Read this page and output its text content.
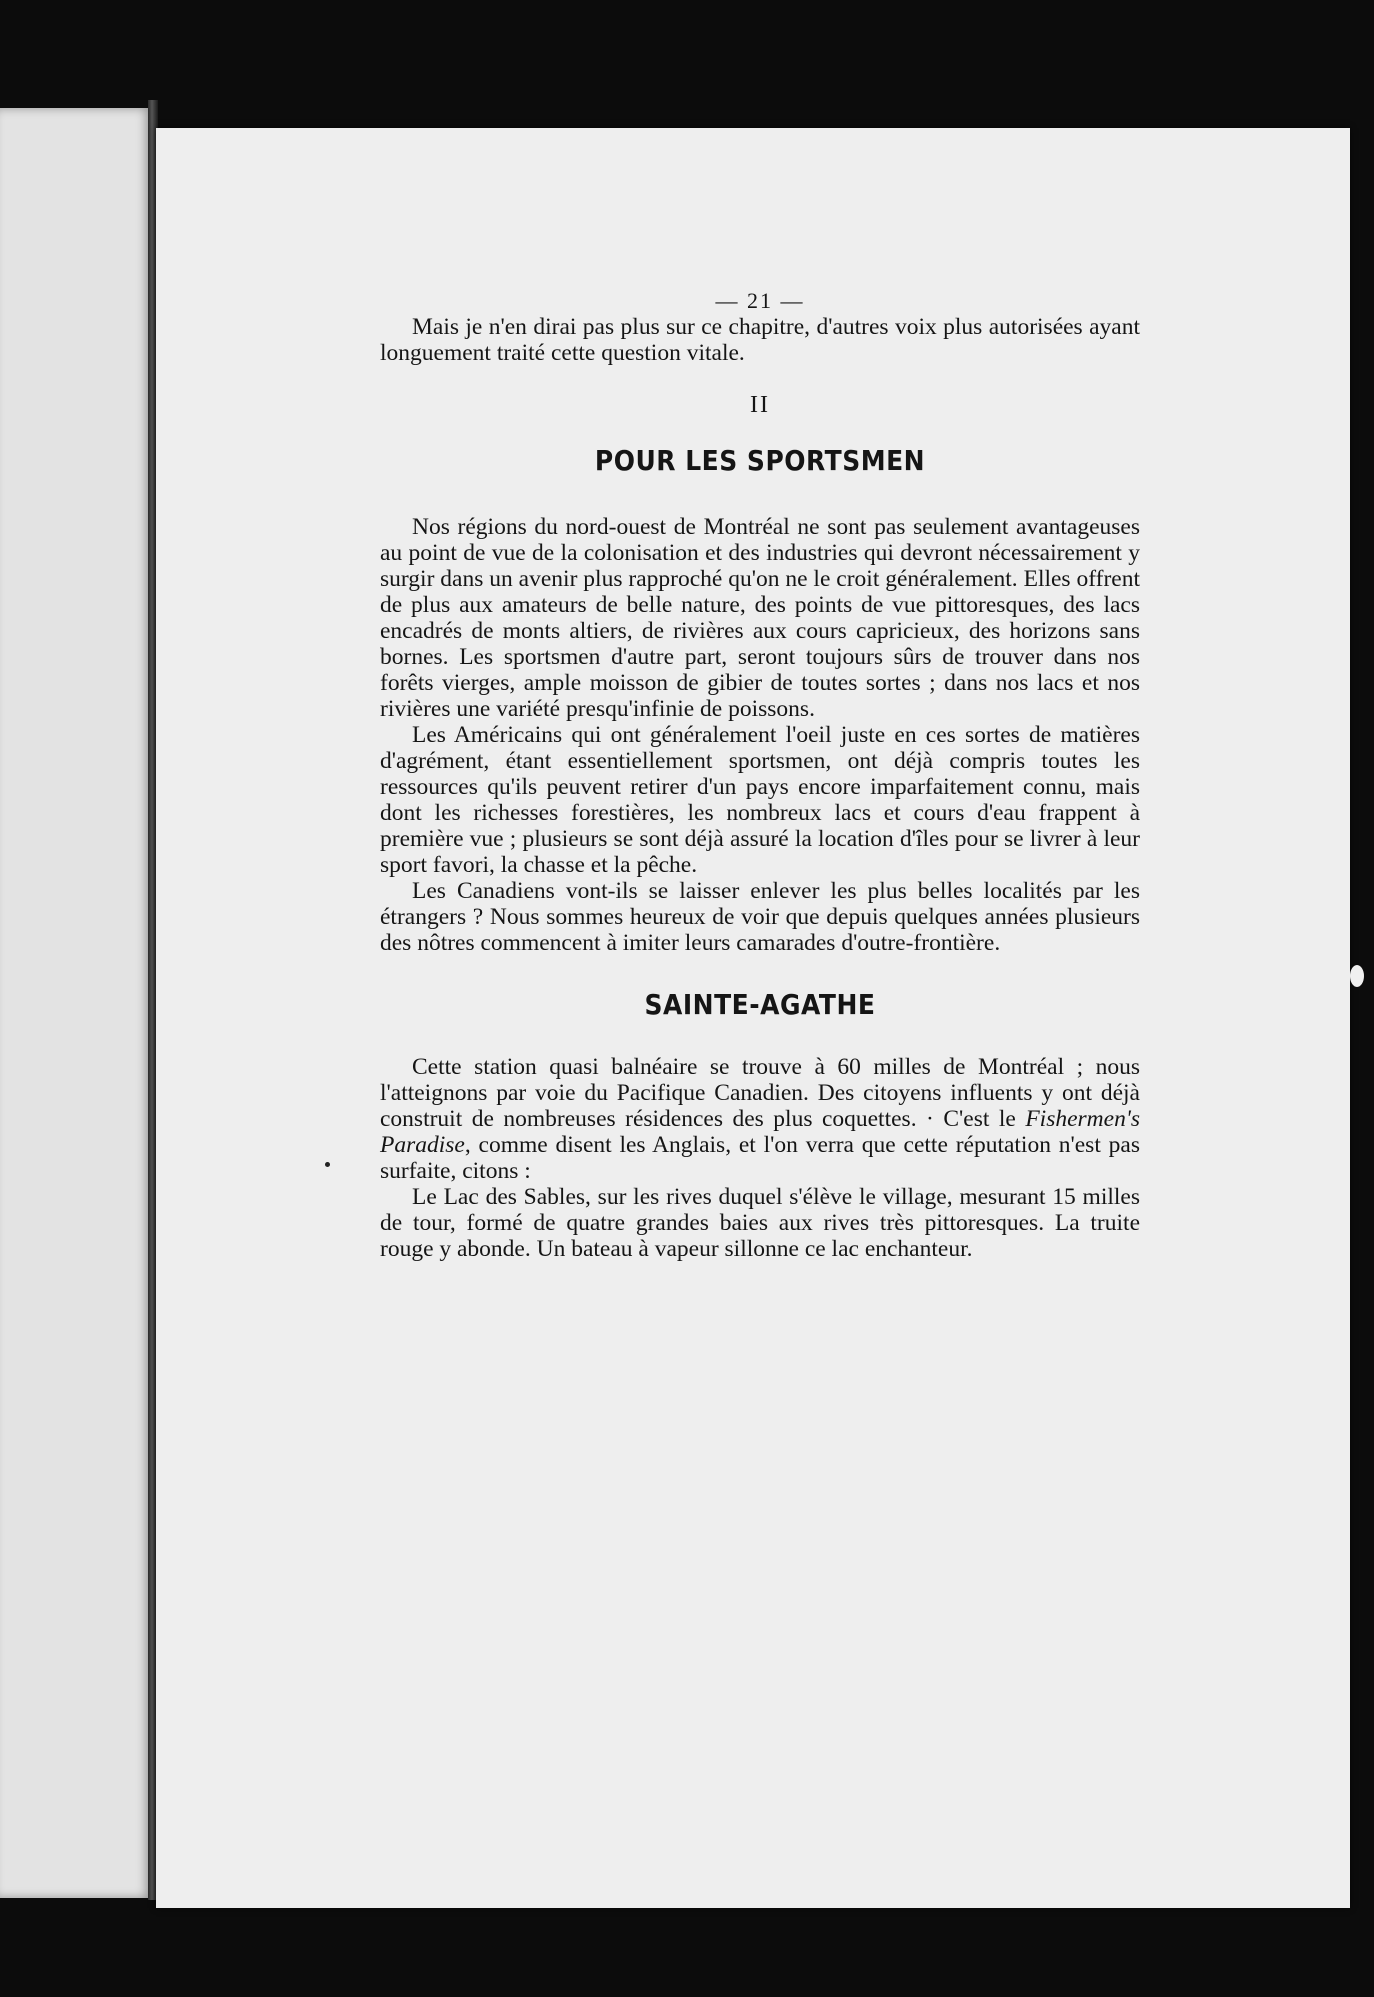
— 21 —

Mais je n'en dirai pas plus sur ce chapitre, d'autres voix plus autorisées ayant longuement traité cette question vitale.

II
POUR LES SPORTSMEN

Nos régions du nord-ouest de Montréal ne sont pas seulement avantageuses au point de vue de la colonisation et des industries qui devront nécessairement y surgir dans un avenir plus rapproché qu'on ne le croit généralement. Elles offrent de plus aux amateurs de belle nature, des points de vue pittoresques, des lacs encadrés de monts altiers, de rivières aux cours capricieux, des horizons sans bornes. Les sportsmen d'autre part, seront toujours sûrs de trouver dans nos forêts vierges, ample moisson de gibier de toutes sortes ; dans nos lacs et nos rivières une variété presqu'infinie de poissons.

Les Américains qui ont généralement l'oeil juste en ces sortes de matières d'agrément, étant essentiellement sportsmen, ont déjà compris toutes les ressources qu'ils peuvent retirer d'un pays encore imparfaitement connu, mais dont les richesses forestières, les nombreux lacs et cours d'eau frappent à première vue ; plusieurs se sont déjà assuré la location d'îles pour se livrer à leur sport favori, la chasse et la pêche.

Les Canadiens vont-ils se laisser enlever les plus belles localités par les étrangers ? Nous sommes heureux de voir que depuis quelques années plusieurs des nôtres commencent à imiter leurs camarades d'outre-frontière.

SAINTE-AGATHE

Cette station quasi balnéaire se trouve à 60 milles de Montréal ; nous l'atteignons par voie du Pacifique Canadien. Des citoyens influents y ont déjà construit de nombreuses résidences des plus coquettes. · C'est le Fishermen's Paradise, comme disent les Anglais, et l'on verra que cette réputation n'est pas surfaite, citons :

Le Lac des Sables, sur les rives duquel s'élève le village, mesurant 15 milles de tour, formé de quatre grandes baies aux rives très pittoresques. La truite rouge y abonde. Un bateau à vapeur sillonne ce lac enchanteur.
